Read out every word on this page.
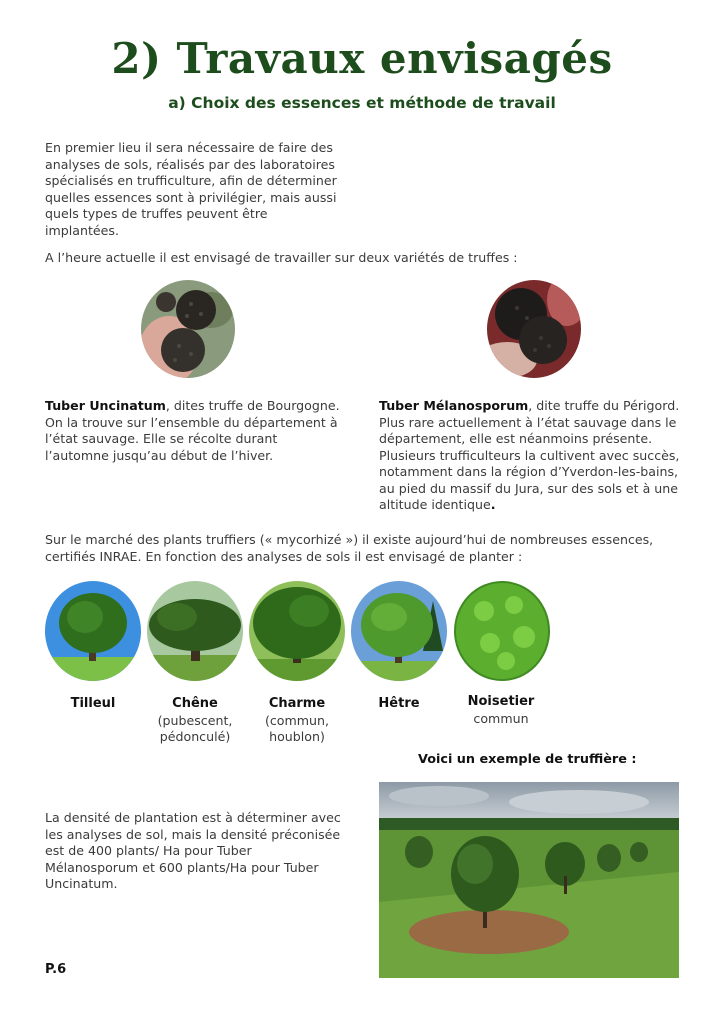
2) Travaux envisagés
a) Choix des essences et méthode de travail
En premier lieu il sera nécessaire de faire des analyses de sols, réalisés par des laboratoires spécialisés en trufficulture, afin de déterminer quelles essences sont à privilégier, mais aussi quels types de truffes peuvent être implantées.
A l’heure actuelle il est envisagé de travailler sur deux variétés de truffes :
Tuber Uncinatum, dites truffe de Bourgogne. On la trouve sur l’ensemble du département à l’état sauvage. Elle se récolte durant l’automne jusqu’au début de l’hiver.
Tuber Mélanosporum, dite truffe du Périgord. Plus rare actuellement à l’état sauvage dans le département, elle est néanmoins présente. Plusieurs trufficulteurs la cultivent avec succès, notamment dans la région d’Yverdon-les-bains, au pied du massif du Jura, sur des sols et à une altitude identique.
Sur le marché des plants truffiers (« mycorhizé ») il existe aujourd’hui de nombreuses essences, certifiés INRAE. En fonction des analyses de sols il est envisagé de planter :
Tilleul	Chêne
(pubescent,
pédonculé)
Charme
(commun,
houblon)
Hêtre	Noisetier
commun
Voici un exemple de truffière :
La densité de plantation est à déterminer avec les analyses de sol, mais la densité préconisée est de 400 plants/ Ha pour Tuber Mélanosporum et 600 plants/Ha pour Tuber Uncinatum.
P.6
